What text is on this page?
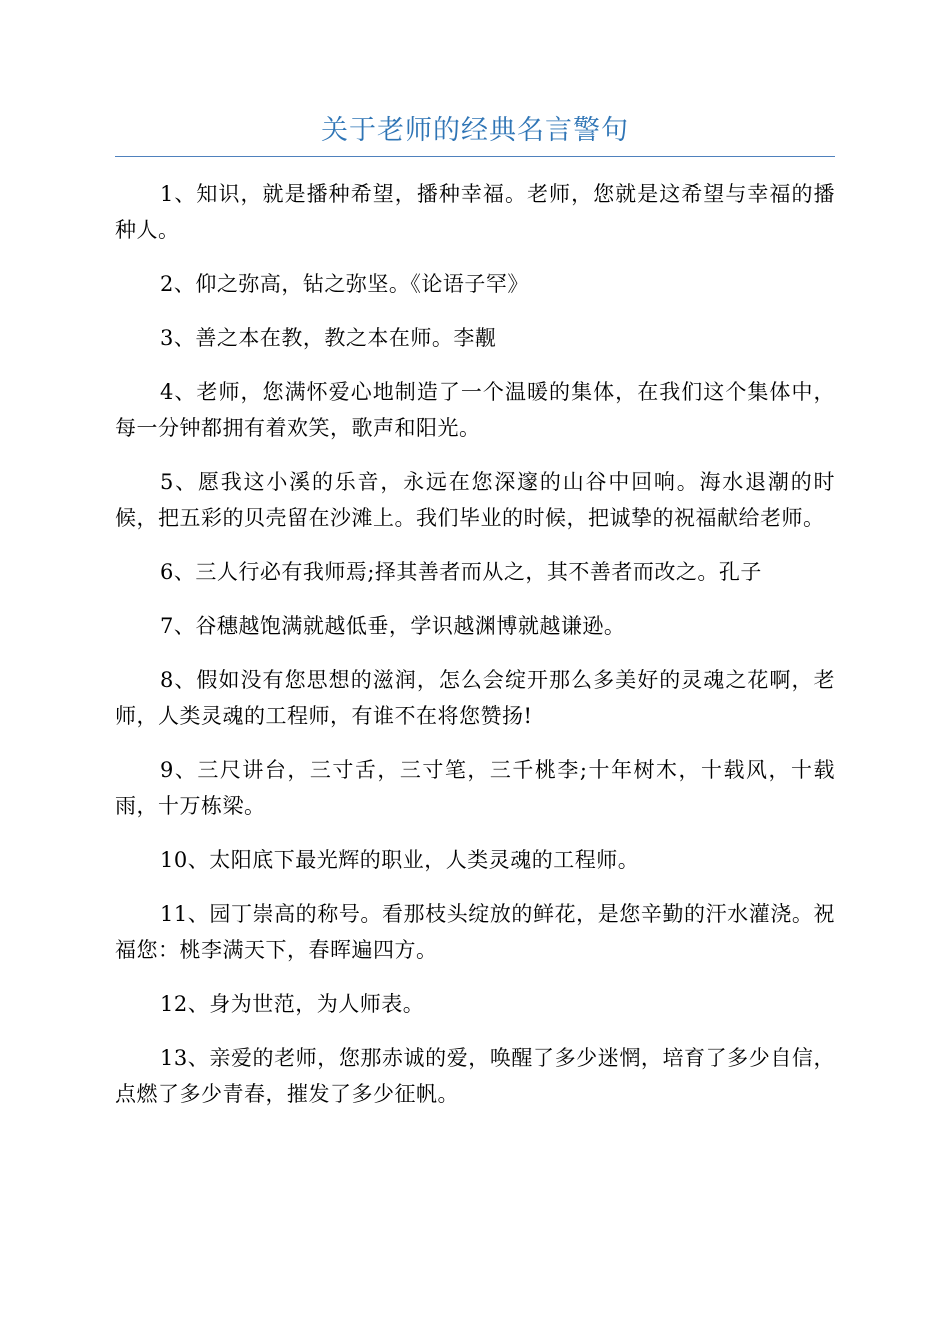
关于老师的经典名言警句

1、知识，就是播种希望，播种幸福。老师，您就是这希望与幸福的播种人。

2、仰之弥高，钻之弥坚。《论语子罕》

3、善之本在教，教之本在师。李觏

4、老师，您满怀爱心地制造了一个温暖的集体，在我们这个集体中，每一分钟都拥有着欢笑，歌声和阳光。

5、愿我这小溪的乐音，永远在您深邃的山谷中回响。海水退潮的时候，把五彩的贝壳留在沙滩上。我们毕业的时候，把诚挚的祝福献给老师。

6、三人行必有我师焉;择其善者而从之，其不善者而改之。孔子

7、谷穗越饱满就越低垂，学识越渊博就越谦逊。

8、假如没有您思想的滋润，怎么会绽开那么多美好的灵魂之花啊，老师，人类灵魂的工程师，有谁不在将您赞扬!

9、三尺讲台，三寸舌，三寸笔，三千桃李;十年树木，十载风，十载雨，十万栋梁。

10、太阳底下最光辉的职业，人类灵魂的工程师。

11、园丁崇高的称号。看那枝头绽放的鲜花，是您辛勤的汗水灌浇。祝福您：桃李满天下，春晖遍四方。

12、身为世范，为人师表。

13、亲爱的老师，您那赤诚的爱，唤醒了多少迷惘，培育了多少自信，点燃了多少青春，摧发了多少征帆。
